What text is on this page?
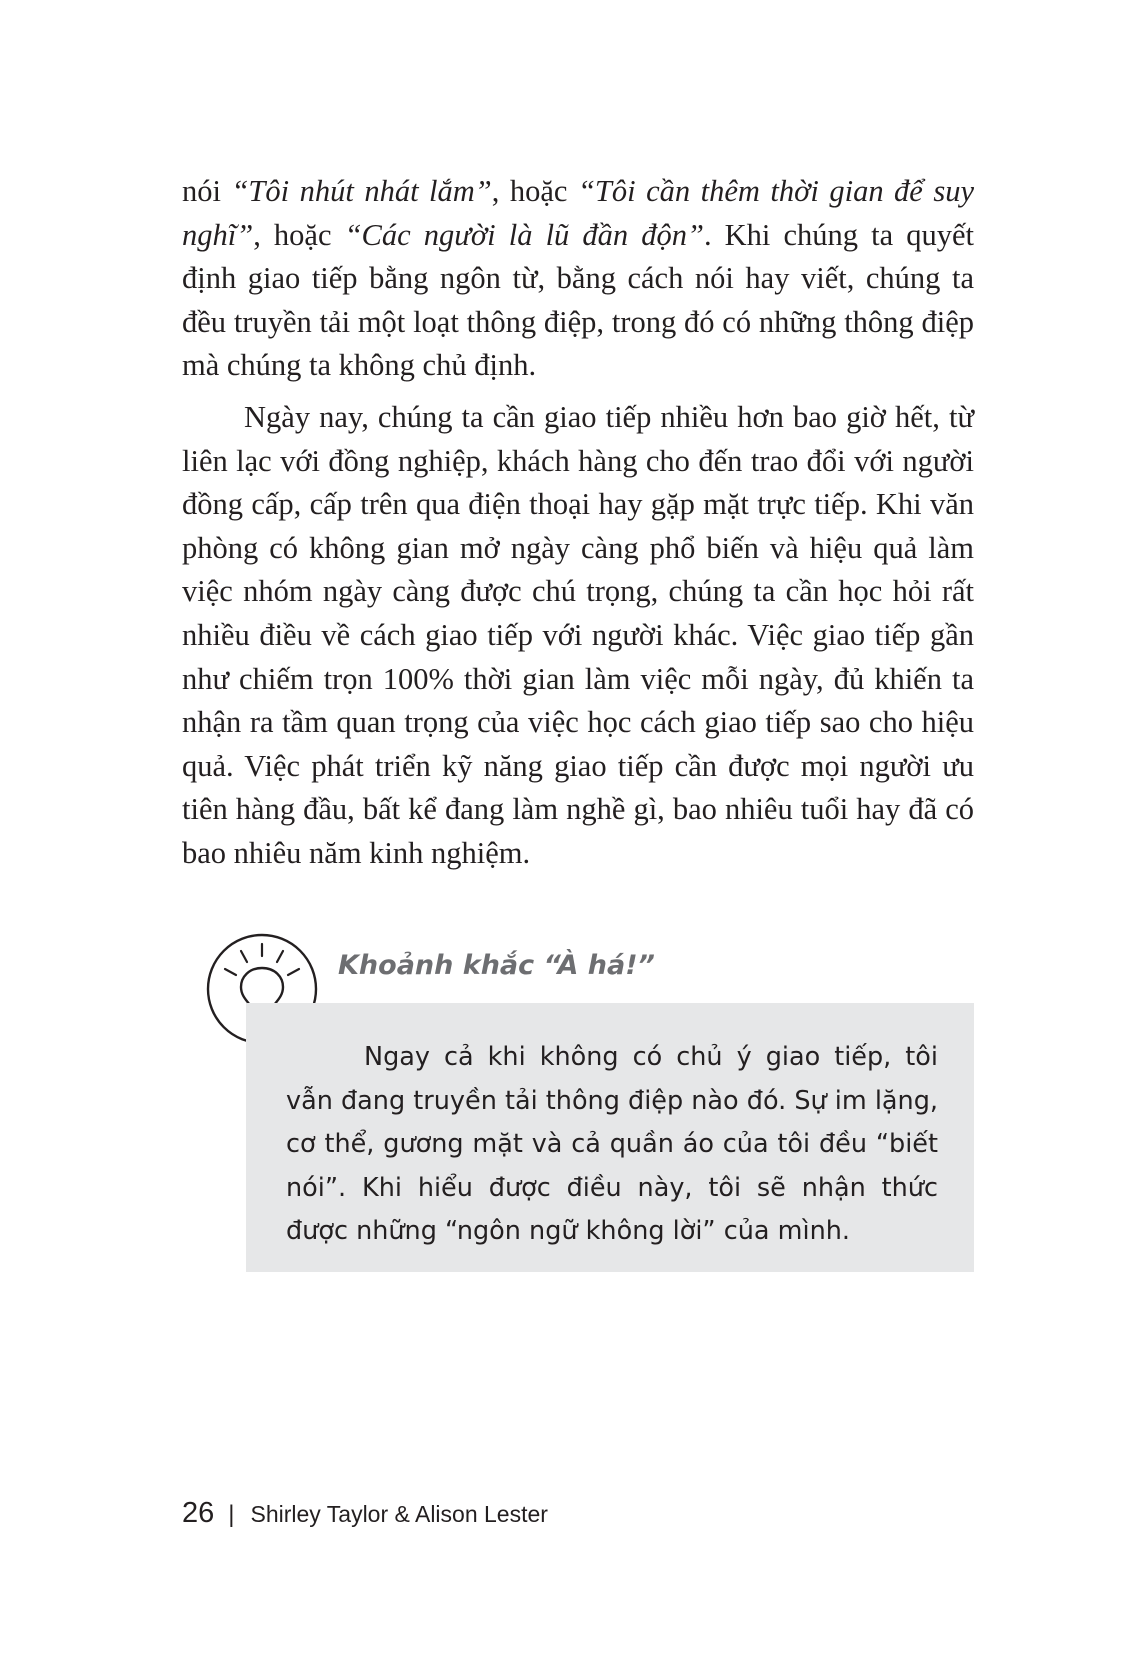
nói “Tôi nhút nhát lắm”, hoặc “Tôi cần thêm thời gian để suy nghĩ”, hoặc “Các người là lũ đần độn”. Khi chúng ta quyết định giao tiếp bằng ngôn từ, bằng cách nói hay viết, chúng ta đều truyền tải một loạt thông điệp, trong đó có những thông điệp mà chúng ta không chủ định.

Ngày nay, chúng ta cần giao tiếp nhiều hơn bao giờ hết, từ liên lạc với đồng nghiệp, khách hàng cho đến trao đổi với người đồng cấp, cấp trên qua điện thoại hay gặp mặt trực tiếp. Khi văn phòng có không gian mở ngày càng phổ biến và hiệu quả làm việc nhóm ngày càng được chú trọng, chúng ta cần học hỏi rất nhiều điều về cách giao tiếp với người khác. Việc giao tiếp gần như chiếm trọn 100% thời gian làm việc mỗi ngày, đủ khiến ta nhận ra tầm quan trọng của việc học cách giao tiếp sao cho hiệu quả. Việc phát triển kỹ năng giao tiếp cần được mọi người ưu tiên hàng đầu, bất kể đang làm nghề gì, bao nhiêu tuổi hay đã có bao nhiêu năm kinh nghiệm.

Khoảnh khắc “À há!”

Ngay cả khi không có chủ ý giao tiếp, tôi vẫn đang truyền tải thông điệp nào đó. Sự im lặng, cơ thể, gương mặt và cả quần áo của tôi đều “biết nói”. Khi hiểu được điều này, tôi sẽ nhận thức được những “ngôn ngữ không lời” của mình.

26 | Shirley Taylor & Alison Lester
